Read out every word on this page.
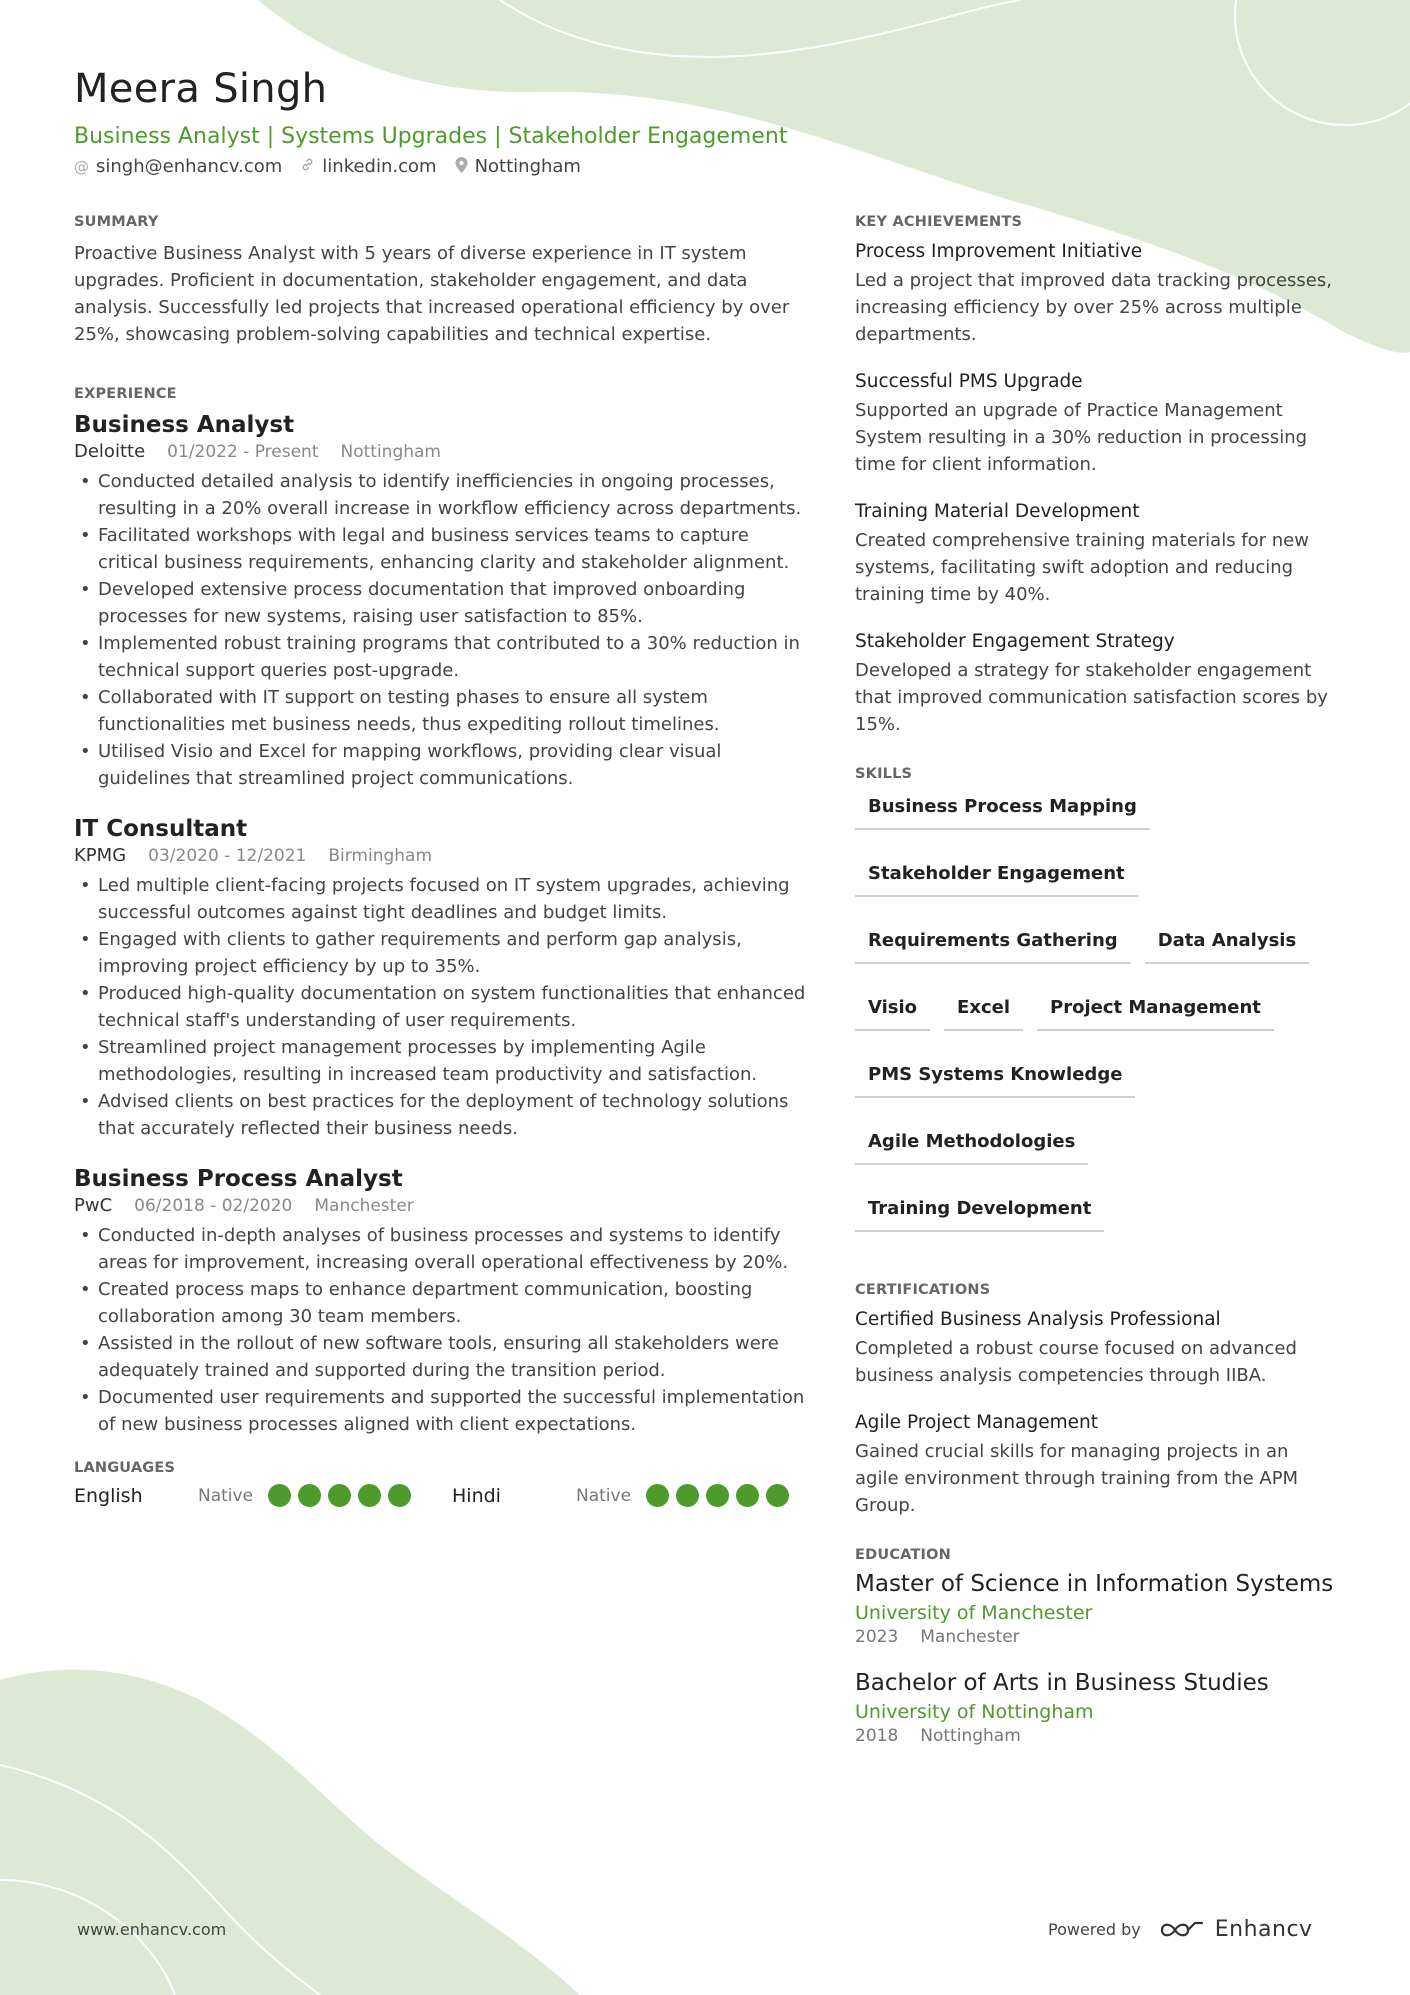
Meera Singh
Business Analyst | Systems Upgrades | Stakeholder Engagement
@ singh@enhancv.com linkedin.com Nottingham
SUMMARY

Proactive Business Analyst with 5 years of diverse experience in IT system upgrades. Proficient in documentation, stakeholder engagement, and data analysis. Successfully led projects that increased operational efficiency by over 25%, showcasing problem-solving capabilities and technical expertise.

EXPERIENCE
Business Analyst
Deloitte 01/2022 - Present Nottingham
• Conducted detailed analysis to identify inefficiencies in ongoing processes, resulting in a 20% overall increase in workflow efficiency across departments.
• Facilitated workshops with legal and business services teams to capture critical business requirements, enhancing clarity and stakeholder alignment.
• Developed extensive process documentation that improved onboarding processes for new systems, raising user satisfaction to 85%.
• Implemented robust training programs that contributed to a 30% reduction in technical support queries post-upgrade.
• Collaborated with IT support on testing phases to ensure all system functionalities met business needs, thus expediting rollout timelines.
• Utilised Visio and Excel for mapping workflows, providing clear visual guidelines that streamlined project communications.
IT Consultant
KPMG 03/2020 - 12/2021 Birmingham
• Led multiple client-facing projects focused on IT system upgrades, achieving successful outcomes against tight deadlines and budget limits.
• Engaged with clients to gather requirements and perform gap analysis, improving project efficiency by up to 35%.
• Produced high-quality documentation on system functionalities that enhanced technical staff's understanding of user requirements.
• Streamlined project management processes by implementing Agile methodologies, resulting in increased team productivity and satisfaction.
• Advised clients on best practices for the deployment of technology solutions that accurately reflected their business needs.
Business Process Analyst
PwC 06/2018 - 02/2020 Manchester
• Conducted in-depth analyses of business processes and systems to identify areas for improvement, increasing overall operational effectiveness by 20%.
• Created process maps to enhance department communication, boosting collaboration among 30 team members.
• Assisted in the rollout of new software tools, ensuring all stakeholders were adequately trained and supported during the transition period.
• Documented user requirements and supported the successful implementation of new business processes aligned with client expectations.
LANGUAGES
English	Native	Hindi	Native
KEY ACHIEVEMENTS
Process Improvement Initiative

Led a project that improved data tracking processes, increasing efficiency by over 25% across multiple departments.

Successful PMS Upgrade

Supported an upgrade of Practice Management System resulting in a 30% reduction in processing time for client information.

Training Material Development

Created comprehensive training materials for new systems, facilitating swift adoption and reducing training time by 40%.

Stakeholder Engagement Strategy

Developed a strategy for stakeholder engagement that improved communication satisfaction scores by 15%.

SKILLS
Business Process Mapping
Stakeholder Engagement
Requirements Gathering	Data Analysis
Visio	Excel	Project Management
PMS Systems Knowledge
Agile Methodologies
Training Development
CERTIFICATIONS
Certified Business Analysis Professional

Completed a robust course focused on advanced business analysis competencies through IIBA.

Agile Project Management

Gained crucial skills for managing projects in an agile environment through training from the APM Group.

EDUCATION
Master of Science in Information Systems
University of Manchester
2023 Manchester
Bachelor of Arts in Business Studies
University of Nottingham
2018 Nottingham
www.enhancv.com	Powered by	Enhancv
